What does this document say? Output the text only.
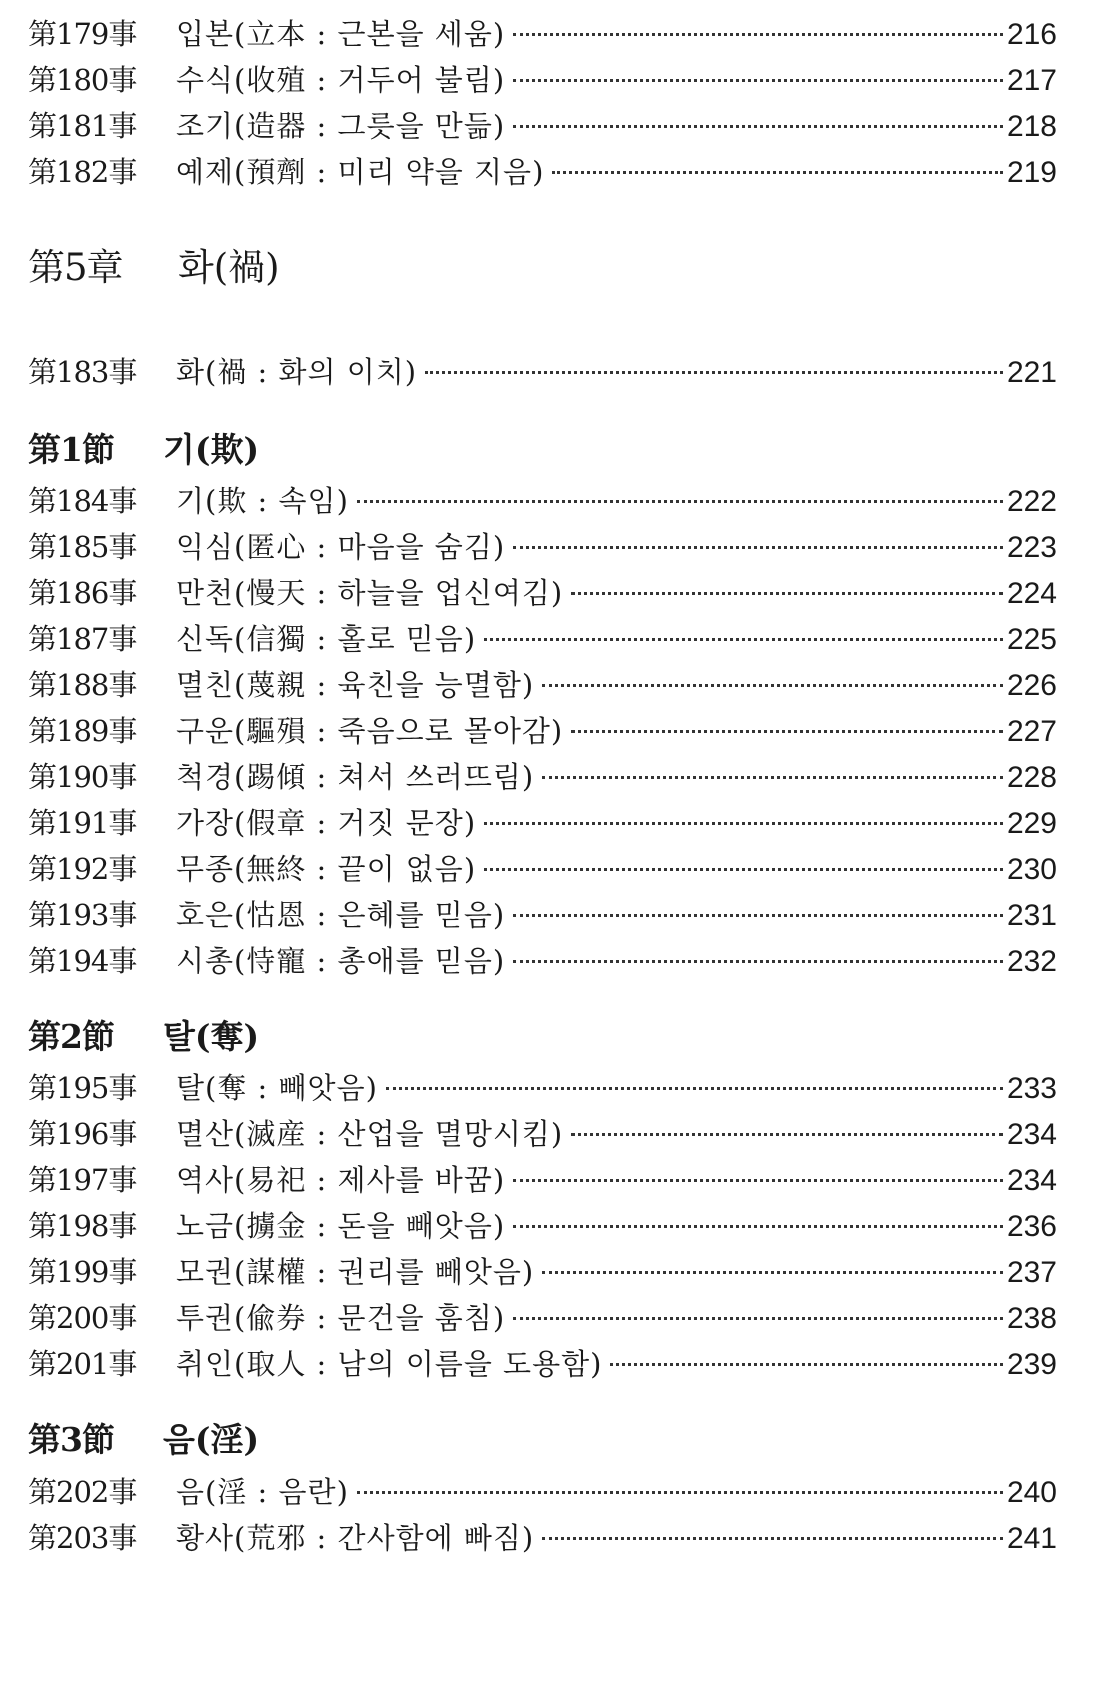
第179事	입본(立本 : 근본을 세움)	216
第180事	수식(收殖 : 거두어 불림)	217
第181事	조기(造器 : 그릇을 만듦)	218
第182事	예제(預劑 : 미리 약을 지음)	219
第5章 화(禍)
第183事	화(禍 : 화의 이치)	221
第1節 기(欺)
第184事	기(欺 : 속임)	222
第185事	익심(匿心 : 마음을 숨김)	223
第186事	만천(慢天 : 하늘을 업신여김)	224
第187事	신독(信獨 : 홀로 믿음)	225
第188事	멸친(蔑親 : 육친을 능멸함)	226
第189事	구운(驅殞 : 죽음으로 몰아감)	227
第190事	척경(踢傾 : 쳐서 쓰러뜨림)	228
第191事	가장(假章 : 거짓 문장)	229
第192事	무종(無終 : 끝이 없음)	230
第193事	호은(怙恩 : 은혜를 믿음)	231
第194事	시총(恃寵 : 총애를 믿음)	232
第2節 탈(奪)
第195事	탈(奪 : 빼앗음)	233
第196事	멸산(滅産 : 산업을 멸망시킴)	234
第197事	역사(易祀 : 제사를 바꿈)	234
第198事	노금(擄金 : 돈을 빼앗음)	236
第199事	모권(謀權 : 권리를 빼앗음)	237
第200事	투권(偸券 : 문건을 훔침)	238
第201事	취인(取人 : 남의 이름을 도용함)	239
第3節 음(淫)
第202事	음(淫 : 음란)	240
第203事	황사(荒邪 : 간사함에 빠짐)	241
